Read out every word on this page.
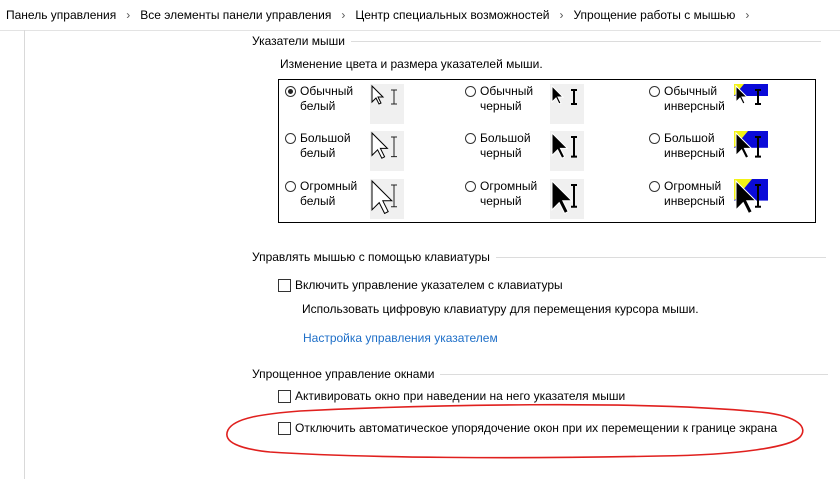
Панель управления › Все элементы панели управления › Центр специальных возможностей › Упрощение работы с мышью ›
Указатели мыши
Изменение цвета и размера указателей мыши.
Обычный
белый
Обычный
черный
Обычный
инверсный
Большой
белый
Большой
черный
Большой
инверсный
Огромный
белый
Огромный
черный
Огромный
инверсный
Управлять мышью с помощью клавиатуры
Включить управление указателем с клавиатуры
Использовать цифровую клавиатуру для перемещения курсора мыши.
Настройка управления указателем
Упрощенное управление окнами
Активировать окно при наведении на него указателя мыши
Отключить автоматическое упорядочение окон при их перемещении к границе экрана
